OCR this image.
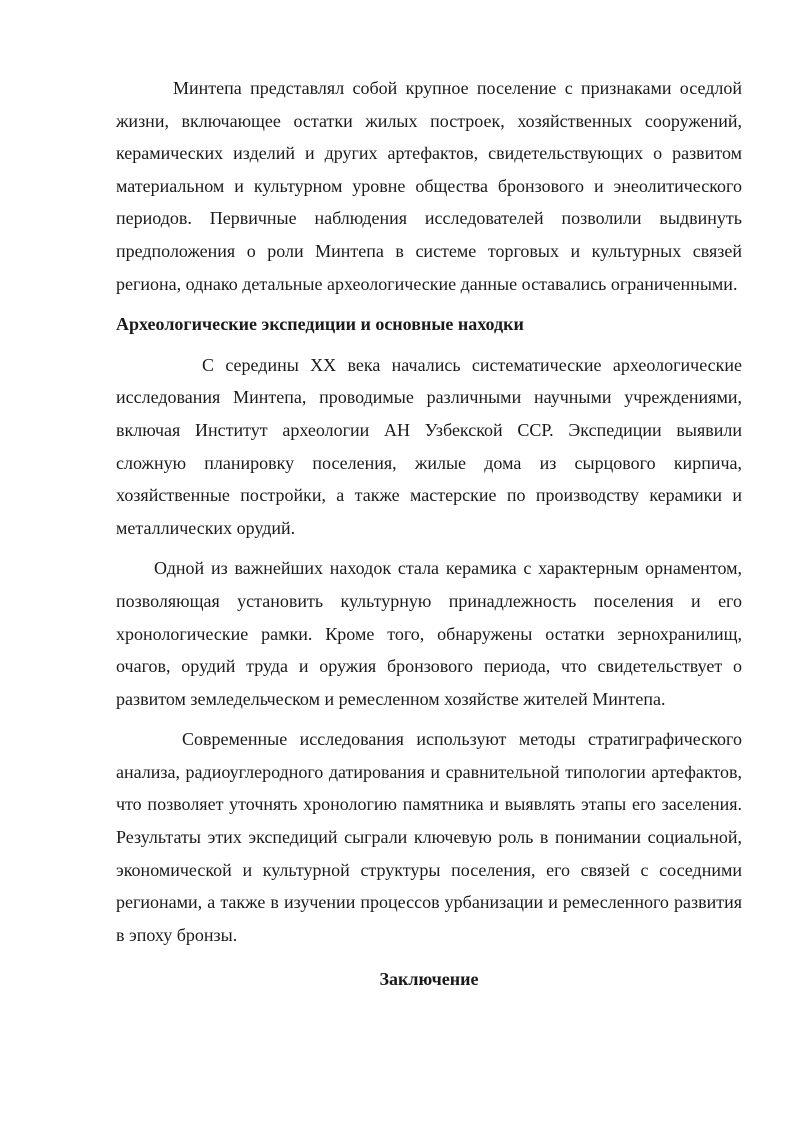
Минтепа представлял собой крупное поселение с признаками оседлой жизни, включающее остатки жилых построек, хозяйственных сооружений, керамических изделий и других артефактов, свидетельствующих о развитом материальном и культурном уровне общества бронзового и энеолитического периодов. Первичные наблюдения исследователей позволили выдвинуть предположения о роли Минтепа в системе торговых и культурных связей региона, однако детальные археологические данные оставались ограниченными.

Археологические экспедиции и основные находки

С середины XX века начались систематические археологические исследования Минтепа, проводимые различными научными учреждениями, включая Институт археологии АН Узбекской ССР. Экспедиции выявили сложную планировку поселения, жилые дома из сырцового кирпича, хозяйственные постройки, а также мастерские по производству керамики и металлических орудий.

Одной из важнейших находок стала керамика с характерным орнаментом, позволяющая установить культурную принадлежность поселения и его хронологические рамки. Кроме того, обнаружены остатки зернохранилищ, очагов, орудий труда и оружия бронзового периода, что свидетельствует о развитом земледельческом и ремесленном хозяйстве жителей Минтепа.

Современные исследования используют методы стратиграфического анализа, радиоуглеродного датирования и сравнительной типологии артефактов, что позволяет уточнять хронологию памятника и выявлять этапы его заселения. Результаты этих экспедиций сыграли ключевую роль в понимании социальной, экономической и культурной структуры поселения, его связей с соседними регионами, а также в изучении процессов урбанизации и ремесленного развития в эпоху бронзы.

Заключение
